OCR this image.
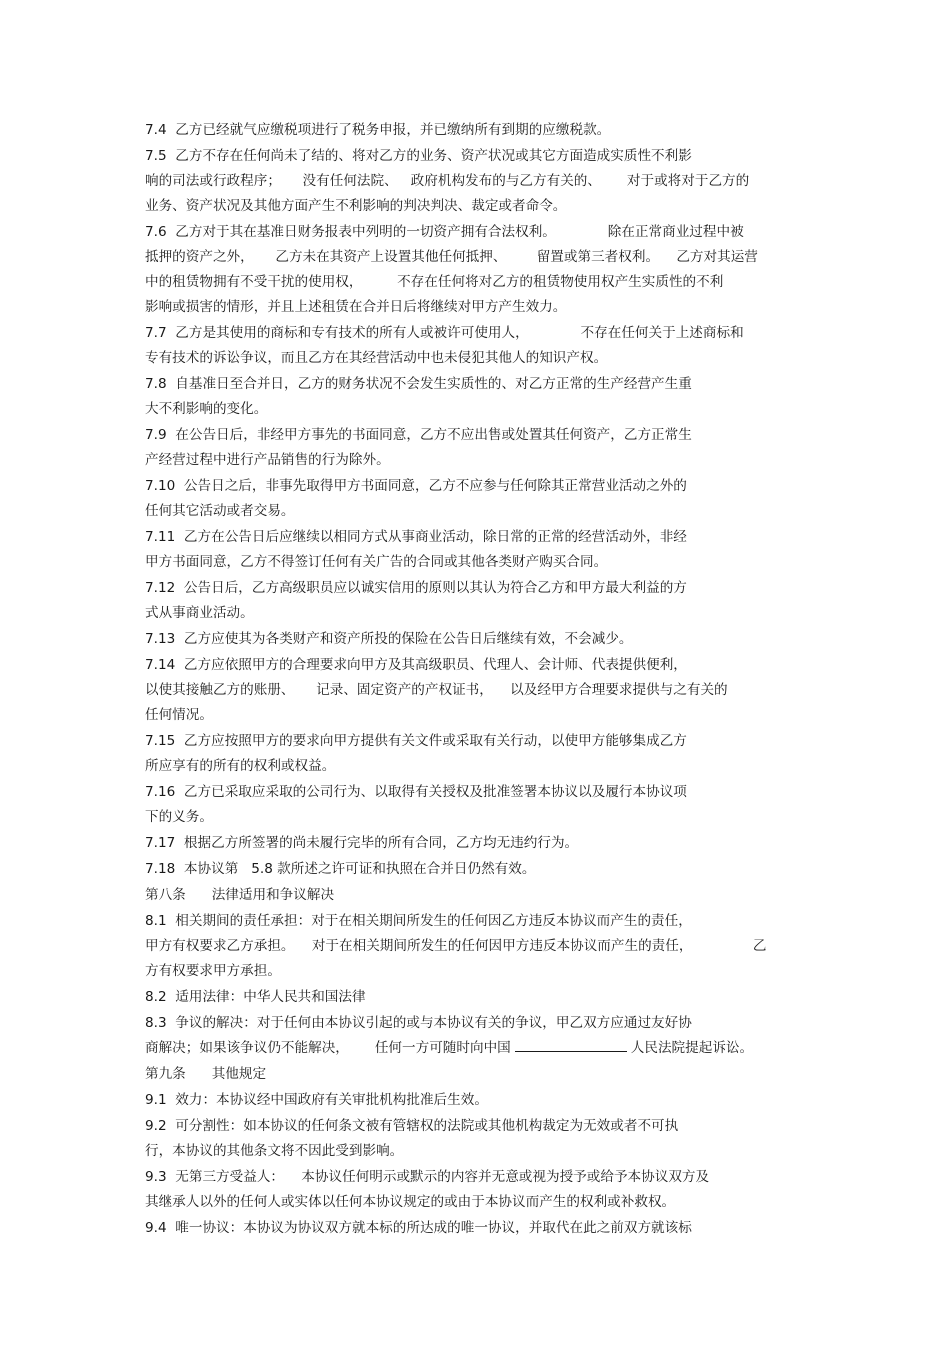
7.4  乙方已经就气应缴税项进行了税务申报，并已缴纳所有到期的应缴税款。
7.5  乙方不存在任何尚未了结的、将对乙方的业务、资产状况或其它方面造成实质性不利影
响的司法或行政程序；     没有任何法院、   政府机构发布的与乙方有关的、      对于或将对于乙方的
业务、资产状况及其他方面产生不利影响的判决判决、裁定或者命令。
7.6  乙方对于其在基准日财务报表中列明的一切资产拥有合法权利。            除在正常商业过程中被
抵押的资产之外，     乙方未在其资产上设置其他任何抵押、       留置或第三者权利。    乙方对其运营
中的租赁物拥有不受干扰的使用权，        不存在任何将对乙方的租赁物使用权产生实质性的不利
影响或损害的情形，并且上述租赁在合并日后将继续对甲方产生效力。
7.7  乙方是其使用的商标和专有技术的所有人或被许可使用人，            不存在任何关于上述商标和
专有技术的诉讼争议，而且乙方在其经营活动中也未侵犯其他人的知识产权。
7.8  自基准日至合并日，乙方的财务状况不会发生实质性的、对乙方正常的生产经营产生重
大不利影响的变化。
7.9  在公告日后，非经甲方事先的书面同意，乙方不应出售或处置其任何资产，乙方正常生
产经营过程中进行产品销售的行为除外。
7.10  公告日之后，非事先取得甲方书面同意，乙方不应参与任何除其正常营业活动之外的
任何其它活动或者交易。
7.11  乙方在公告日后应继续以相同方式从事商业活动，除日常的正常的经营活动外，非经
甲方书面同意，乙方不得签订任何有关广告的合同或其他各类财产购买合同。
7.12  公告日后，乙方高级职员应以诚实信用的原则以其认为符合乙方和甲方最大利益的方
式从事商业活动。
7.13  乙方应使其为各类财产和资产所投的保险在公告日后继续有效，不会减少。
7.14  乙方应依照甲方的合理要求向甲方及其高级职员、代理人、会计师、代表提供便利，
以使其接触乙方的账册、     记录、固定资产的产权证书，    以及经甲方合理要求提供与之有关的
任何情况。
7.15  乙方应按照甲方的要求向甲方提供有关文件或采取有关行动，以使甲方能够集成乙方
所应享有的所有的权利或权益。
7.16  乙方已采取应采取的公司行为、以取得有关授权及批准签署本协议以及履行本协议项
下的义务。
7.17  根据乙方所签署的尚未履行完毕的所有合同，乙方均无违约行为。
7.18  本协议第   5.8 款所述之许可证和执照在合并日仍然有效。
第八条      法律适用和争议解决
8.1  相关期间的责任承担：对于在相关期间所发生的任何因乙方违反本协议而产生的责任，
甲方有权要求乙方承担。    对于在相关期间所发生的任何因甲方违反本协议而产生的责任，              乙
方有权要求甲方承担。
8.2  适用法律：中华人民共和国法律
8.3  争议的解决：对于任何由本协议引起的或与本协议有关的争议，甲乙双方应通过友好协
商解决；如果该争议仍不能解决，      任何一方可随时向中国	人民法院提起诉讼。
第九条      其他规定
9.1  效力：本协议经中国政府有关审批机构批准后生效。
9.2  可分割性：如本协议的任何条文被有管辖权的法院或其他机构裁定为无效或者不可执
行，本协议的其他条文将不因此受到影响。
9.3  无第三方受益人：    本协议任何明示或默示的内容并无意或视为授予或给予本协议双方及
其继承人以外的任何人或实体以任何本协议规定的或由于本协议而产生的权利或补救权。
9.4  唯一协议：本协议为协议双方就本标的所达成的唯一协议，并取代在此之前双方就该标
